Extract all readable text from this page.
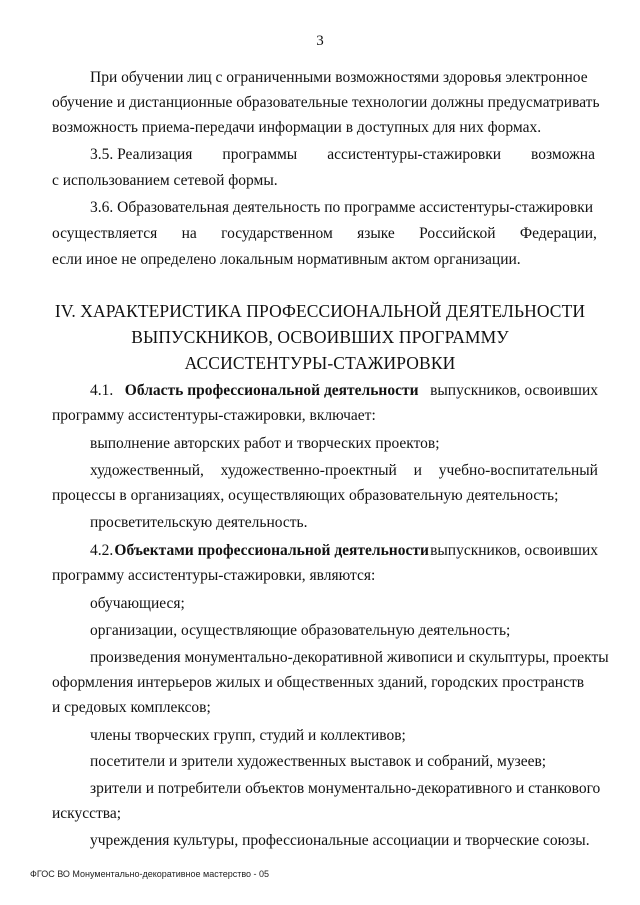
3
При обучении лиц с ограниченными возможностями здоровья электронное
обучение и дистанционные образовательные технологии должны предусматривать
возможность приема-передачи информации в доступных для них формах.
3.5. Реализация программы ассистентуры-стажировки возможна
с использованием сетевой формы.
3.6. Образовательная деятельность по программе ассистентуры-стажировки
осуществляется на государственном языке Российской Федерации,
если иное не определено локальным нормативным актом организации.
IV. ХАРАКТЕРИСТИКА ПРОФЕССИОНАЛЬНОЙ ДЕЯТЕЛЬНОСТИ
ВЫПУСКНИКОВ, ОСВОИВШИХ ПРОГРАММУ
АССИСТЕНТУРЫ-СТАЖИРОВКИ
4.1. Область профессиональной деятельности выпускников, освоивших
программу ассистентуры-стажировки, включает:
выполнение авторских работ и творческих проектов;
художественный, художественно-проектный и учебно-воспитательный
процессы в организациях, осуществляющих образовательную деятельность;
просветительскую деятельность.
4.2. Объектами профессиональной деятельности выпускников, освоивших
программу ассистентуры-стажировки, являются:
обучающиеся;
организации, осуществляющие образовательную деятельность;
произведения монументально-декоративной живописи и скульптуры, проекты
оформления интерьеров жилых и общественных зданий, городских пространств
и средовых комплексов;
члены творческих групп, студий и коллективов;
посетители и зрители художественных выставок и собраний, музеев;
зрители и потребители объектов монументально-декоративного и станкового
искусства;
учреждения культуры, профессиональные ассоциации и творческие союзы.
ФГОС ВО Монументально-декоративное мастерство - 05
